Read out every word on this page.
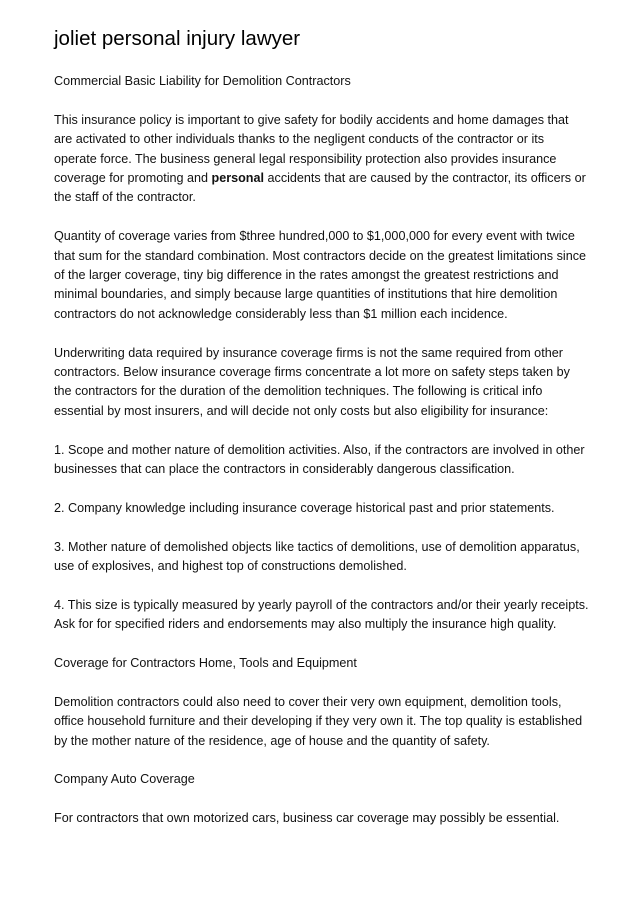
joliet personal injury lawyer

Commercial Basic Liability for Demolition Contractors

This insurance policy is important to give safety for bodily accidents and home damages that are activated to other individuals thanks to the negligent conducts of the contractor or its operate force. The business general legal responsibility protection also provides insurance coverage for promoting and personal accidents that are caused by the contractor, its officers or the staff of the contractor.

Quantity of coverage varies from $three hundred,000 to $1,000,000 for every event with twice that sum for the standard combination. Most contractors decide on the greatest limitations since of the larger coverage, tiny big difference in the rates amongst the greatest restrictions and minimal boundaries, and simply because large quantities of institutions that hire demolition contractors do not acknowledge considerably less than $1 million each incidence.

Underwriting data required by insurance coverage firms is not the same required from other contractors. Below insurance coverage firms concentrate a lot more on safety steps taken by the contractors for the duration of the demolition techniques. The following is critical info essential by most insurers, and will decide not only costs but also eligibility for insurance:

1. Scope and mother nature of demolition activities. Also, if the contractors are involved in other businesses that can place the contractors in considerably dangerous classification.

2. Company knowledge including insurance coverage historical past and prior statements.

3. Mother nature of demolished objects like tactics of demolitions, use of demolition apparatus, use of explosives, and highest top of constructions demolished.

4. This size is typically measured by yearly payroll of the contractors and/or their yearly receipts. Ask for for specified riders and endorsements may also multiply the insurance high quality.

Coverage for Contractors Home, Tools and Equipment

Demolition contractors could also need to cover their very own equipment, demolition tools, office household furniture and their developing if they very own it. The top quality is established by the mother nature of the residence, age of house and the quantity of safety.

Company Auto Coverage

For contractors that own motorized cars, business car coverage may possibly be essential.
